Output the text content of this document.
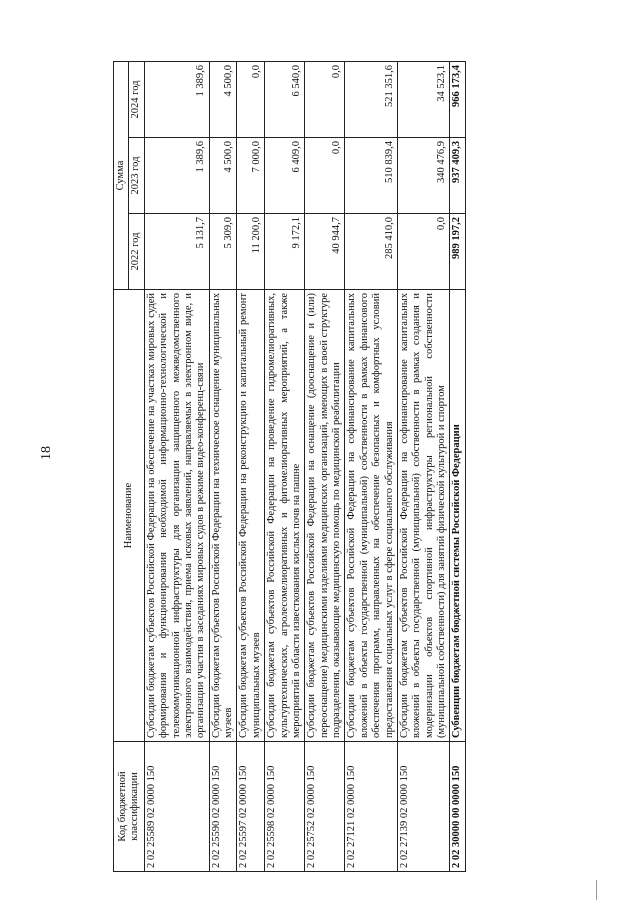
18
Код бюджетной классификации	Наименование	Сумма		
		2022 год	2023 год	2024 год
2 02 25589 02 0000 150	Субсидии бюджетам субъектов Российской Федерации на обеспечение на участках мировых судей формирования и функционирования необходимой информационно-технологической и телекоммуникационной инфраструктуры для организации защищенного межведомственного электронного взаимодействия, приема исковых заявлений, направляемых в электронном виде, и организации участия в заседаниях мировых судов в режиме видео-конференц-связи	5 131,7	1 389,6	1 389,6
2 02 25590 02 0000 150	Субсидии бюджетам субъектов Российской Федерации на техническое оснащение муниципальных музеев	5 309,0	4 500,0	4 500,0
2 02 25597 02 0000 150	Субсидии бюджетам субъектов Российской Федерации на реконструкцию и капитальный ремонт муниципальных музеев	11 200,0	7 000,0	0,0
2 02 25598 02 0000 150	Субсидии бюджетам субъектов Российской Федерации на проведение гидромелиоративных, культуртехнических, агролесомелиоративных и фитомелиоративных мероприятий, а также мероприятий в области известкования кислых почв на пашне	9 172,1	6 409,0	6 540,0
2 02 25752 02 0000 150	Субсидии бюджетам субъектов Российской Федерации на оснащение (дооснащение и (или) переоснащение) медицинскими изделиями медицинских организаций, имеющих в своей структуре подразделения, оказывающие медицинскую помощь по медицинской реабилитации	40 944,7	0,0	0,0
2 02 27121 02 0000 150	Субсидии бюджетам субъектов Российской Федерации на софинансирование капитальных вложений в объекты государственной (муниципальной) собственности в рамках финансового обеспечения программ, направленных на обеспечение безопасных и комфортных условий предоставления социальных услуг в сфере социального обслуживания	285 410,0	510 839,4	521 351,6
2 02 27139 02 0000 150	Субсидии бюджетам субъектов Российской Федерации на софинансирование капитальных вложений в объекты государственной (муниципальной) собственности в рамках создания и модернизации объектов спортивной инфраструктуры региональной собственности (муниципальной собственности) для занятий физической культурой и спортом	0,0	340 476,9	34 523,1
2 02 30000 00 0000 150	Субвенции бюджетам бюджетной системы Российской Федерации	989 197,2	937 409,3	966 173,4
